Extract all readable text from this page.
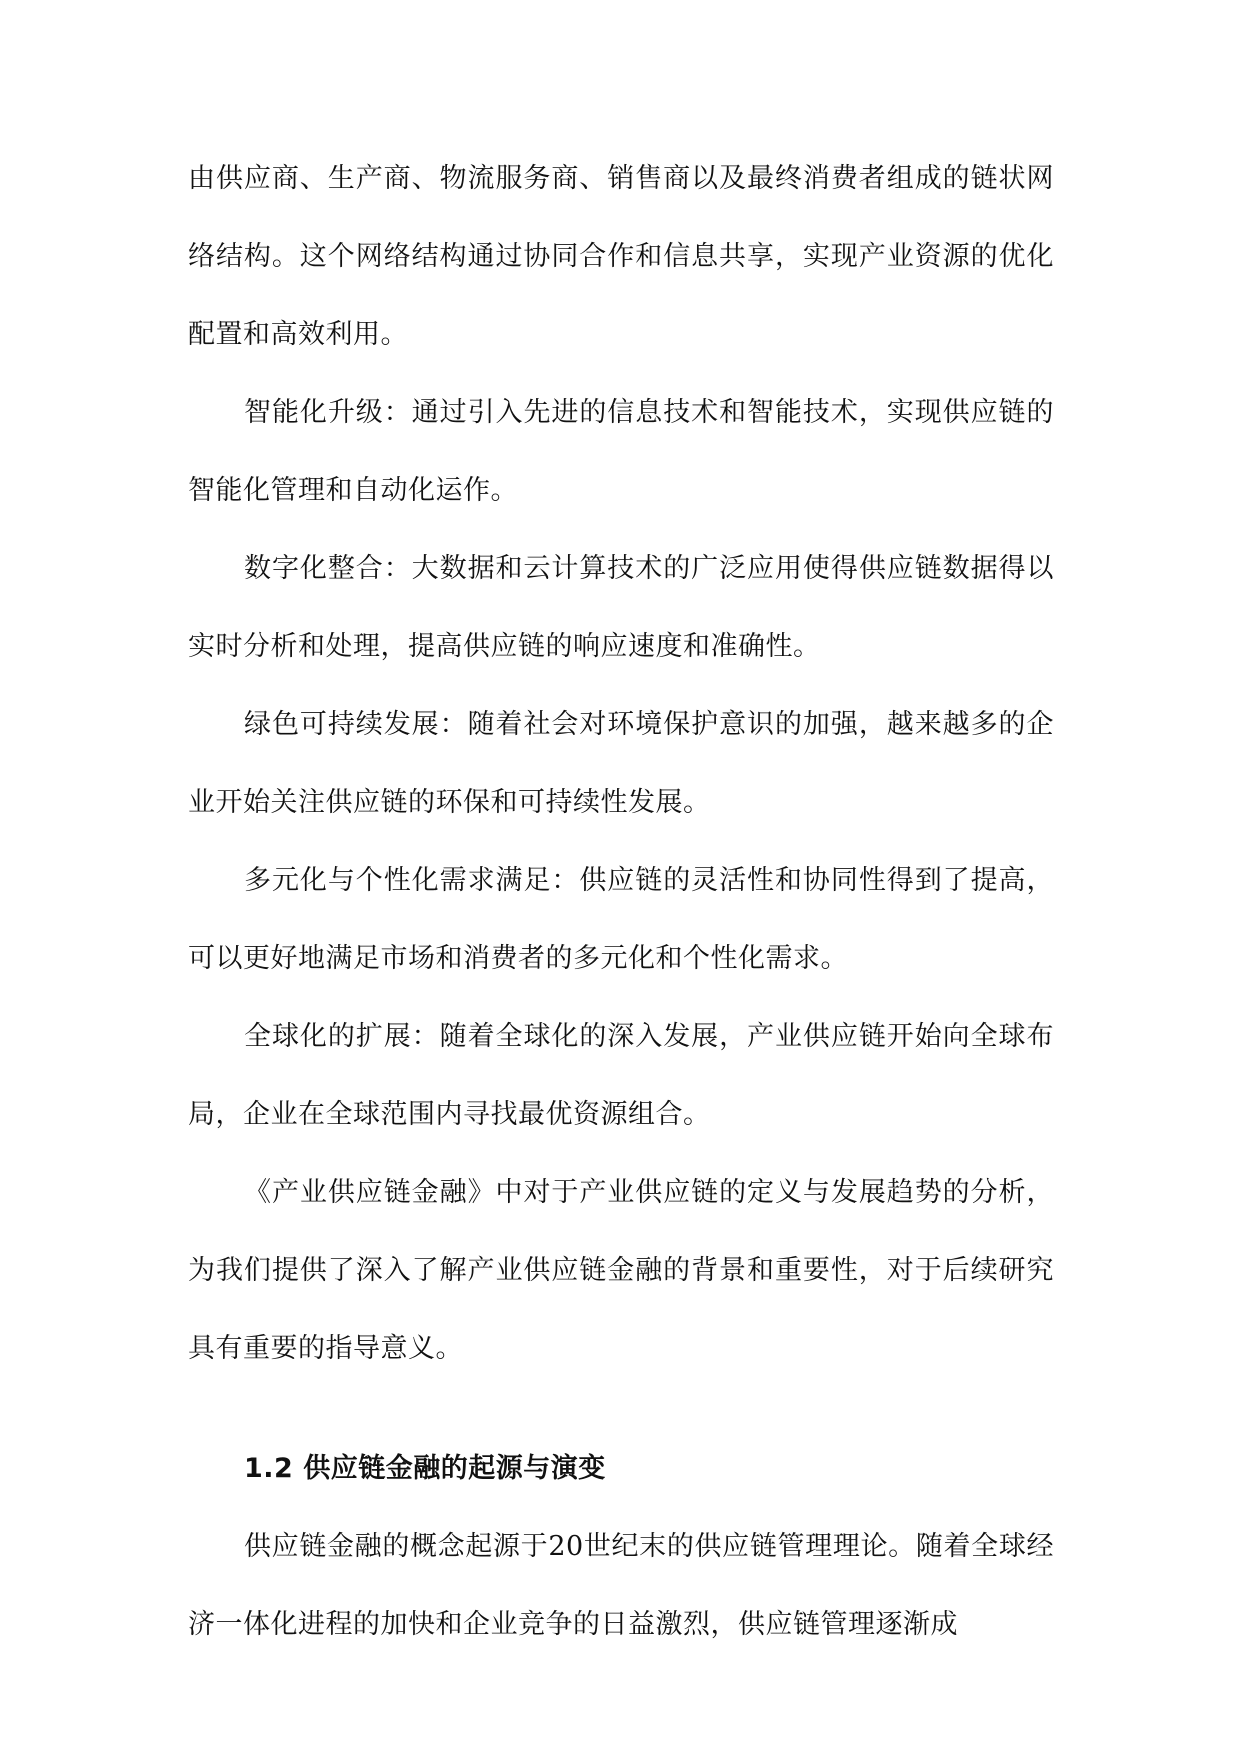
由供应商、生产商、物流服务商、销售商以及最终消费者组成的链状网络结构。这个网络结构通过协同合作和信息共享，实现产业资源的优化配置和高效利用。

智能化升级：通过引入先进的信息技术和智能技术，实现供应链的智能化管理和自动化运作。

数字化整合：大数据和云计算技术的广泛应用使得供应链数据得以实时分析和处理，提高供应链的响应速度和准确性。

绿色可持续发展：随着社会对环境保护意识的加强，越来越多的企业开始关注供应链的环保和可持续性发展。

多元化与个性化需求满足：供应链的灵活性和协同性得到了提高，可以更好地满足市场和消费者的多元化和个性化需求。

全球化的扩展：随着全球化的深入发展，产业供应链开始向全球布局，企业在全球范围内寻找最优资源组合。

《产业供应链金融》中对于产业供应链的定义与发展趋势的分析，为我们提供了深入了解产业供应链金融的背景和重要性，对于后续研究具有重要的指导意义。

1.2 供应链金融的起源与演变

供应链金融的概念起源于20世纪末的供应链管理理论。随着全球经济一体化进程的加快和企业竞争的日益激烈，供应链管理逐渐成
